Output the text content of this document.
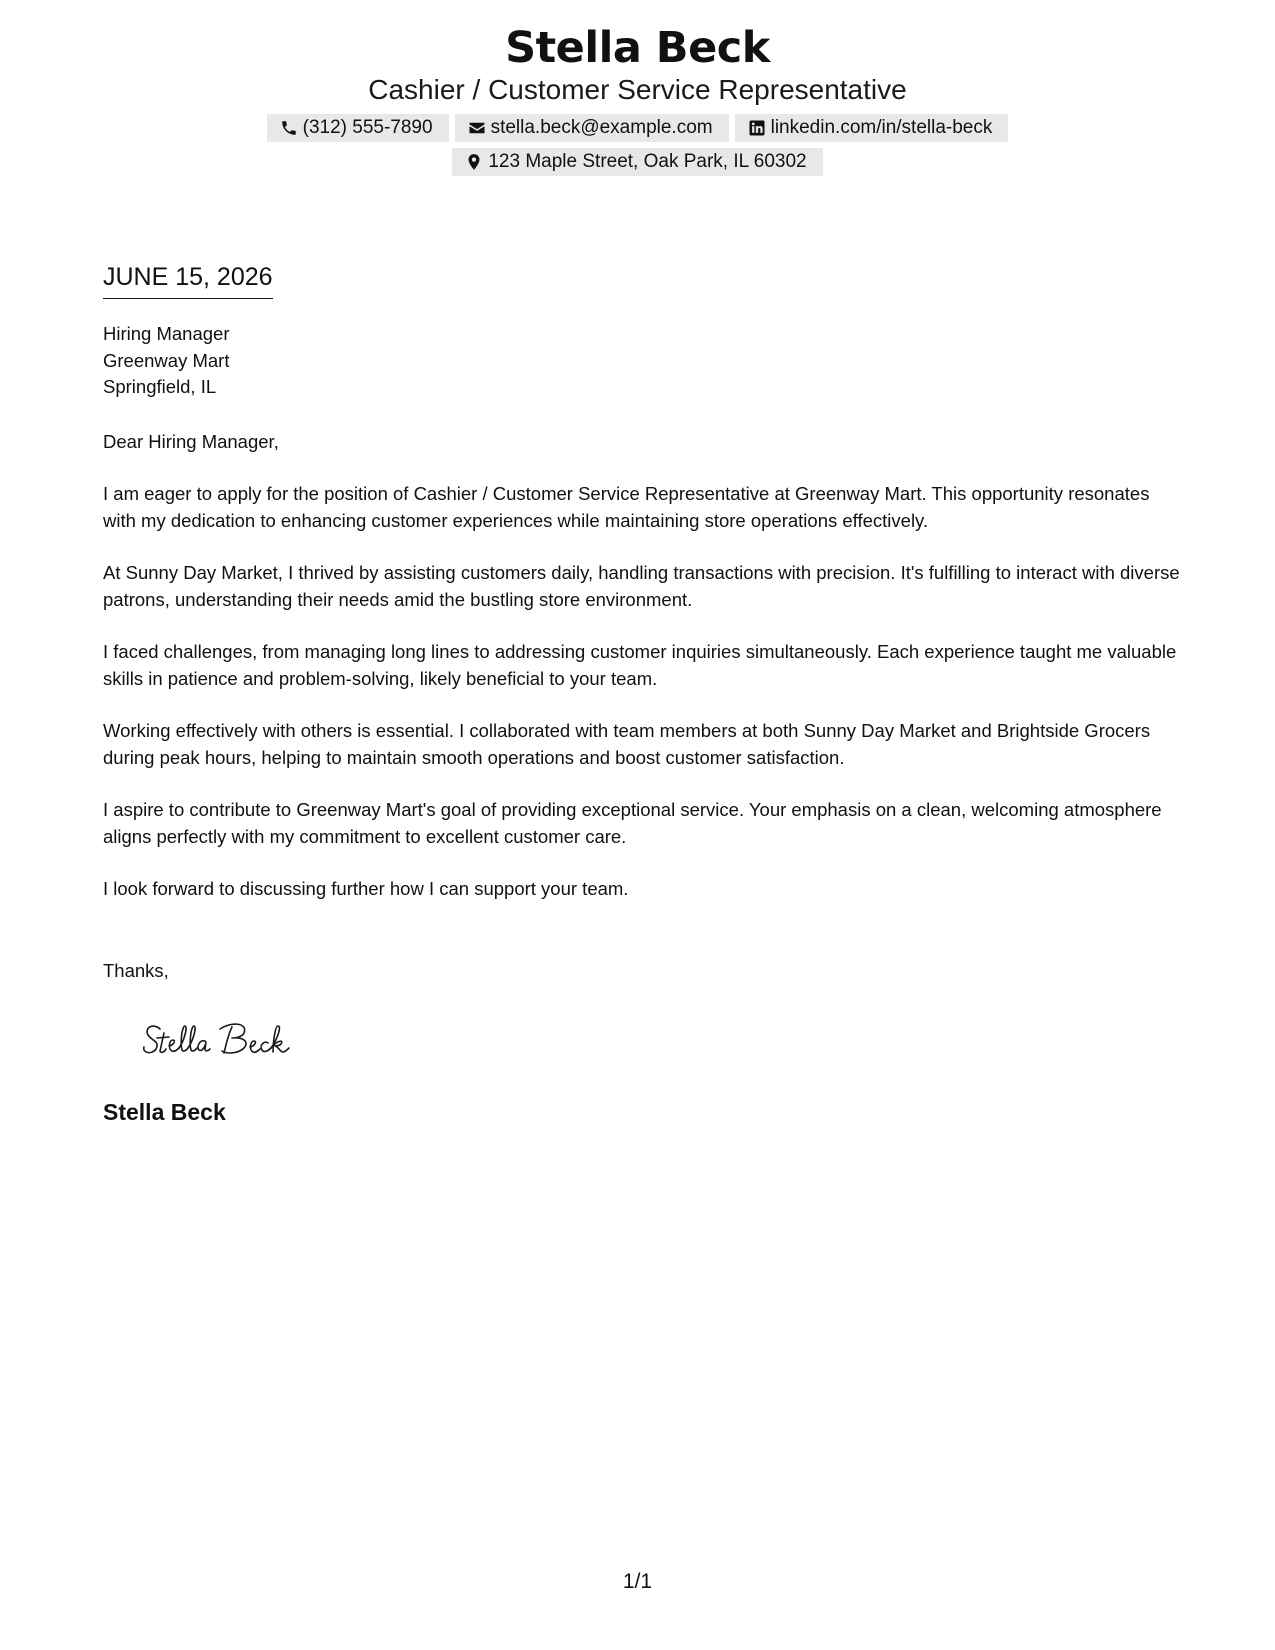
Stella Beck
Cashier / Customer Service Representative
(312) 555-7890	stella.beck@example.com	linkedin.com/in/stella-beck
123 Maple Street, Oak Park, IL 60302
JUNE 15, 2026
Hiring Manager
Greenway Mart
Springfield, IL
Dear Hiring Manager,
I am eager to apply for the position of Cashier / Customer Service Representative at Greenway Mart. This opportunity resonates with my dedication to enhancing customer experiences while maintaining store operations effectively.
At Sunny Day Market, I thrived by assisting customers daily, handling transactions with precision. It's fulfilling to interact with diverse patrons, understanding their needs amid the bustling store environment.
I faced challenges, from managing long lines to addressing customer inquiries simultaneously. Each experience taught me valuable skills in patience and problem-solving, likely beneficial to your team.
Working effectively with others is essential. I collaborated with team members at both Sunny Day Market and Brightside Grocers during peak hours, helping to maintain smooth operations and boost customer satisfaction.
I aspire to contribute to Greenway Mart's goal of providing exceptional service. Your emphasis on a clean, welcoming atmosphere aligns perfectly with my commitment to excellent customer care.
I look forward to discussing further how I can support your team.
Thanks,
Stella Beck
1/1
